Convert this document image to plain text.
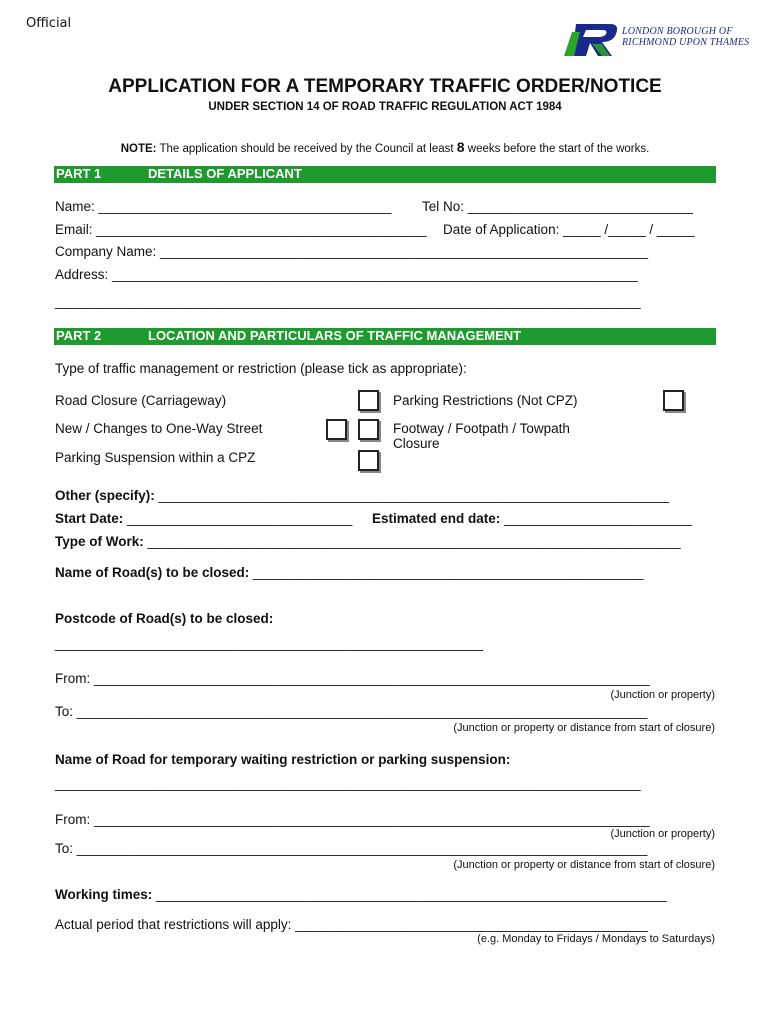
Official
LONDON BOROUGH OF
RICHMOND UPON THAMES
APPLICATION FOR A TEMPORARY TRAFFIC ORDER/NOTICE
UNDER SECTION 14 OF ROAD TRAFFIC REGULATION ACT 1984
NOTE: The application should be received by the Council at least 8 weeks before the start of the works.
PART 1	DETAILS OF APPLICANT
Name: _______________________________________ Tel No: ______________________________
Email: ____________________________________________ Date of Application: _____ /_____ / _____
Company Name: _________________________________________________________________
Address: ______________________________________________________________________
______________________________________________________________________________
PART 2	LOCATION AND PARTICULARS OF TRAFFIC MANAGEMENT
Type of traffic management or restriction (please tick as appropriate):
Road Closure (Carriageway)	Parking Restrictions (Not CPZ)
New / Changes to One-Way Street	Footway / Footpath / Towpath
Closure
Parking Suspension within a CPZ
Other (specify): ____________________________________________________________________
Start Date: ______________________________ Estimated end date: _________________________
Type of Work: _______________________________________________________________________
Name of Road(s) to be closed: ____________________________________________________
Postcode of Road(s) to be closed:
_________________________________________________________
From: __________________________________________________________________________
(Junction or property)
To: ____________________________________________________________________________
(Junction or property or distance from start of closure)
Name of Road for temporary waiting restriction or parking suspension:
______________________________________________________________________________
From: __________________________________________________________________________
(Junction or property)
To: ____________________________________________________________________________
(Junction or property or distance from start of closure)
Working times: ____________________________________________________________________
Actual period that restrictions will apply: _______________________________________________
(e.g. Monday to Fridays / Mondays to Saturdays)
